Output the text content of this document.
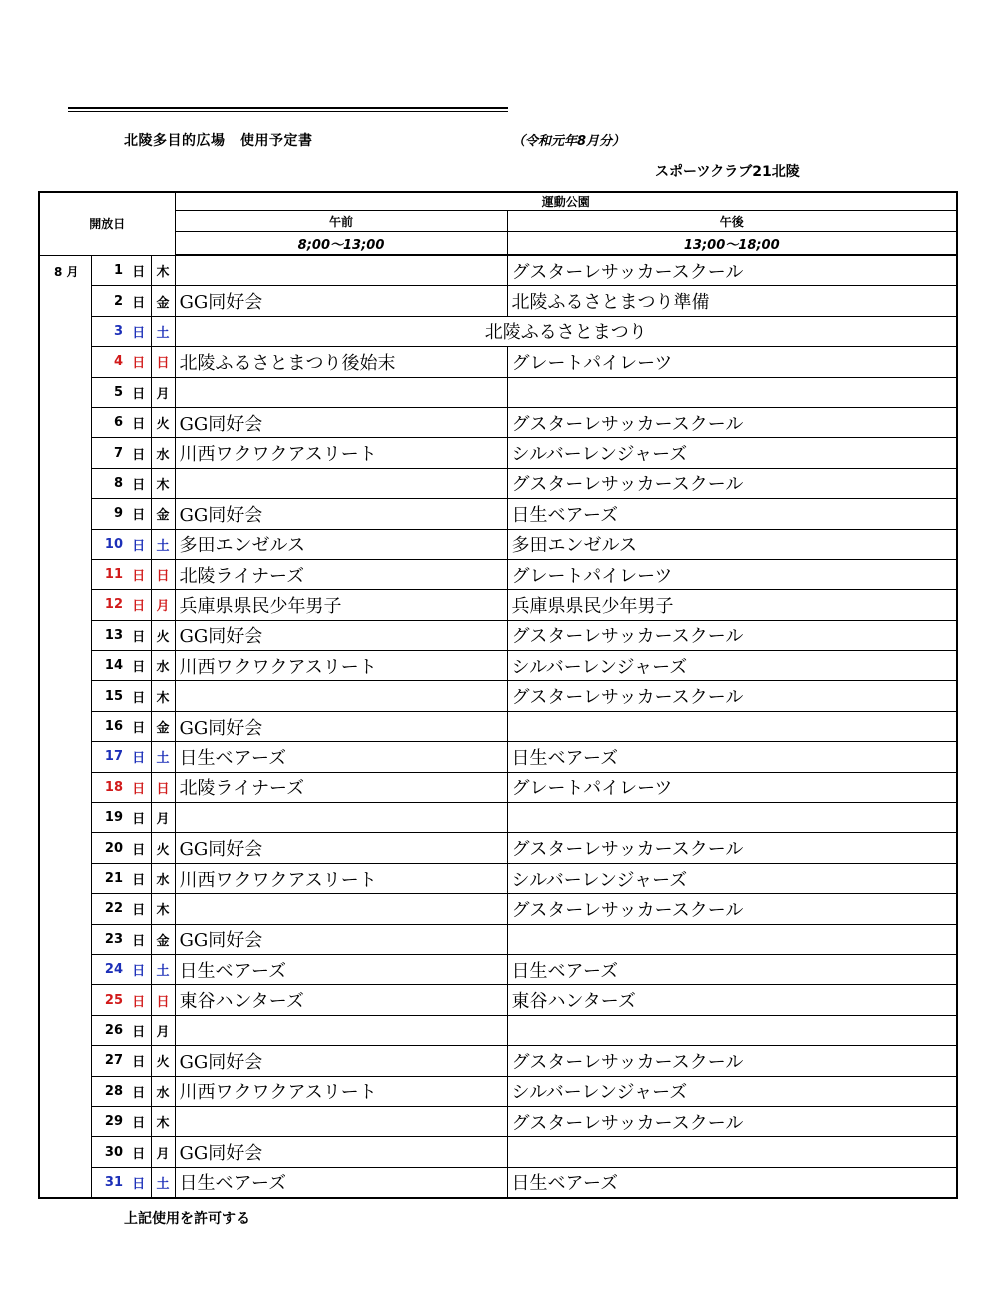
北陵多目的広場　使用予定書	（令和元年8月分）
スポーツクラブ21北陵
開放日				運動公園	
				午前	午後
				8;00～13;00	13;00～18;00
8 月	1	日	木		グスターレサッカースクール
	2	日	金	GG同好会	北陵ふるさとまつり準備
	3	日	土	北陵ふるさとまつり	
	4	日	日	北陵ふるさとまつり後始末	グレートパイレーツ
	5	日	月		
	6	日	火	GG同好会	グスターレサッカースクール
	7	日	水	川西ワクワクアスリート	シルバーレンジャーズ
	8	日	木		グスターレサッカースクール
	9	日	金	GG同好会	日生ベアーズ
	10	日	土	多田エンゼルス	多田エンゼルス
	11	日	日	北陵ライナーズ	グレートパイレーツ
	12	日	月	兵庫県県民少年男子	兵庫県県民少年男子
	13	日	火	GG同好会	グスターレサッカースクール
	14	日	水	川西ワクワクアスリート	シルバーレンジャーズ
	15	日	木		グスターレサッカースクール
	16	日	金	GG同好会	
	17	日	土	日生ベアーズ	日生ベアーズ
	18	日	日	北陵ライナーズ	グレートパイレーツ
	19	日	月		
	20	日	火	GG同好会	グスターレサッカースクール
	21	日	水	川西ワクワクアスリート	シルバーレンジャーズ
	22	日	木		グスターレサッカースクール
	23	日	金	GG同好会	
	24	日	土	日生ベアーズ	日生ベアーズ
	25	日	日	東谷ハンターズ	東谷ハンターズ
	26	日	月		
	27	日	火	GG同好会	グスターレサッカースクール
	28	日	水	川西ワクワクアスリート	シルバーレンジャーズ
	29	日	木		グスターレサッカースクール
	30	日	月	GG同好会	
	31	日	土	日生ベアーズ	日生ベアーズ
上記使用を許可する
